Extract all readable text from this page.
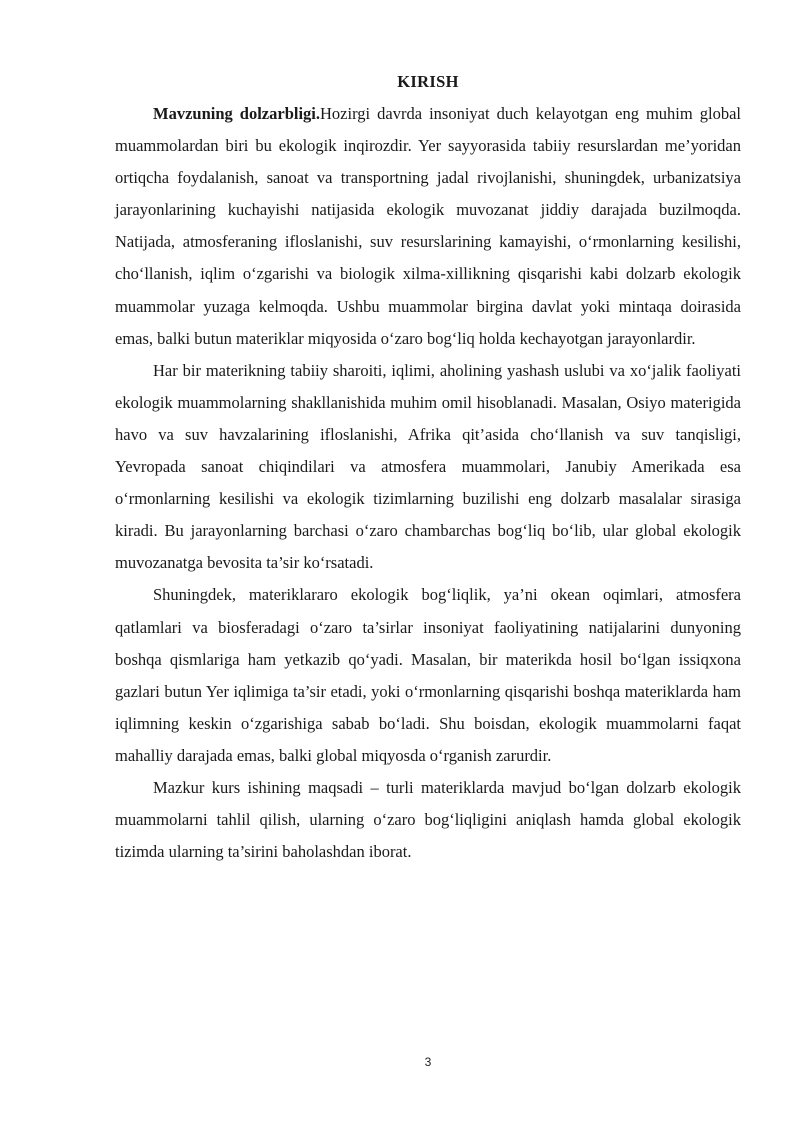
KIRISH

Mavzuning dolzarbligi.Hozirgi davrda insoniyat duch kelayotgan eng muhim global muammolardan biri bu ekologik inqirozdir. Yer sayyorasida tabiiy resurslardan me’yoridan ortiqcha foydalanish, sanoat va transportning jadal rivojlanishi, shuningdek, urbanizatsiya jarayonlarining kuchayishi natijasida ekologik muvozanat jiddiy darajada buzilmoqda. Natijada, atmosferaning ifloslanishi, suv resurslarining kamayishi, o‘rmonlarning kesilishi, cho‘llanish, iqlim o‘zgarishi va biologik xilma-xillikning qisqarishi kabi dolzarb ekologik muammolar yuzaga kelmoqda. Ushbu muammolar birgina davlat yoki mintaqa doirasida emas, balki butun materiklar miqyosida o‘zaro bog‘liq holda kechayotgan jarayonlardir.

Har bir materikning tabiiy sharoiti, iqlimi, aholining yashash uslubi va xo‘jalik faoliyati ekologik muammolarning shakllanishida muhim omil hisoblanadi. Masalan, Osiyo materigida havo va suv havzalarining ifloslanishi, Afrika qit’asida cho‘llanish va suv tanqisligi, Yevropada sanoat chiqindilari va atmosfera muammolari, Janubiy Amerikada esa o‘rmonlarning kesilishi va ekologik tizimlarning buzilishi eng dolzarb masalalar sirasiga kiradi. Bu jarayonlarning barchasi o‘zaro chambarchas bog‘liq bo‘lib, ular global ekologik muvozanatga bevosita ta’sir ko‘rsatadi.

Shuningdek, materiklararo ekologik bog‘liqlik, ya’ni okean oqimlari, atmosfera qatlamlari va biosferadagi o‘zaro ta’sirlar insoniyat faoliyatining natijalarini dunyoning boshqa qismlariga ham yetkazib qo‘yadi. Masalan, bir materikda hosil bo‘lgan issiqxona gazlari butun Yer iqlimiga ta’sir etadi, yoki o‘rmonlarning qisqarishi boshqa materiklarda ham iqlimning keskin o‘zgarishiga sabab bo‘ladi. Shu boisdan, ekologik muammolarni faqat mahalliy darajada emas, balki global miqyosda o‘rganish zarurdir.

Mazkur kurs ishining maqsadi – turli materiklarda mavjud bo‘lgan dolzarb ekologik muammolarni tahlil qilish, ularning o‘zaro bog‘liqligini aniqlash hamda global ekologik tizimda ularning ta’sirini baholashdan iborat.

3
